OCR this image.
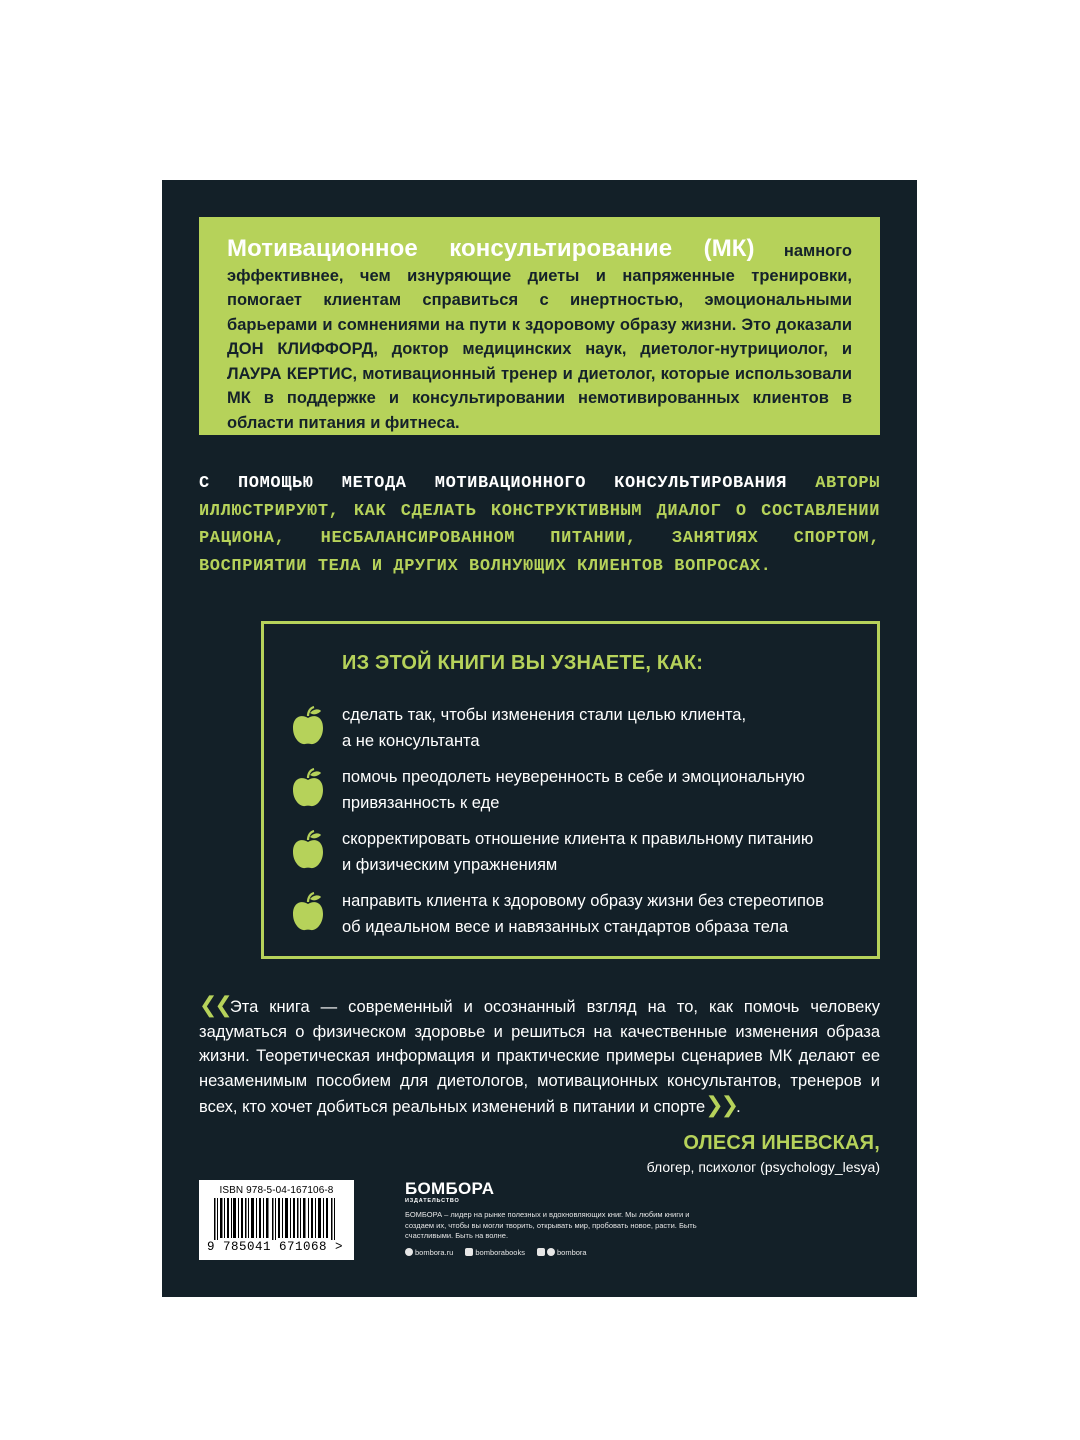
Мотивационное консультирование (МК) намного эффективнее, чем изнуряющие диеты и напряженные тренировки, помогает клиентам справиться с инертностью, эмоциональными барьерами и сомнениями на пути к здоровому образу жизни. Это доказали ДОН КЛИФФОРД, доктор медицинских наук, диетолог-нутрициолог, и ЛАУРА КЕРТИС, мотивационный тренер и диетолог, которые использовали МК в поддержке и консультировании немотивированных клиентов в области питания и фитнеса.
С ПОМОЩЬЮ МЕТОДА МОТИВАЦИОННОГО КОНСУЛЬТИРОВАНИЯ АВТОРЫ ИЛЛЮСТРИРУЮТ, КАК СДЕЛАТЬ КОНСТРУКТИВНЫМ ДИАЛОГ О СОСТАВЛЕНИИ РАЦИОНА, НЕСБАЛАНСИРОВАННОМ ПИТАНИИ, ЗАНЯТИЯХ СПОРТОМ, ВОСПРИЯТИИ ТЕЛА И ДРУГИХ ВОЛНУЮЩИХ КЛИЕНТОВ ВОПРОСАХ.
ИЗ ЭТОЙ КНИГИ ВЫ УЗНАЕТЕ, КАК:
сделать так, чтобы изменения стали целью клиента,
а не консультанта
помочь преодолеть неуверенность в себе и эмоциональную
привязанность к еде
скорректировать отношение клиента к правильному питанию
и физическим упражнениям
направить клиента к здоровому образу жизни без стереотипов
об идеальном весе и навязанных стандартов образа тела
❮❮Эта книга — современный и осознанный взгляд на то, как помочь человеку задуматься о физическом здоровье и решиться на качественные изменения образа жизни. Теоретическая информация и практические примеры сценариев МК делают ее незаменимым пособием для диетологов, мотивационных консультантов, тренеров и всех, кто хочет добиться реальных изменений в питании и спорте❯❯.
ОЛЕСЯ ИНЕВСКАЯ,
блогер, психолог (psychology_lesya)
ISBN 978-5-04-167106-8
9 785041 671068 >
БОМБОРА
ИЗДАТЕЛЬСТВО
БОМБОРА – лидер на рынке полезных и вдохновляющих книг. Мы любим книги и создаем их, чтобы вы могли творить, открывать мир, пробовать новое, расти. Быть счастливыми. Быть на волне.
bombora.ru	bomborabooks	bombora
